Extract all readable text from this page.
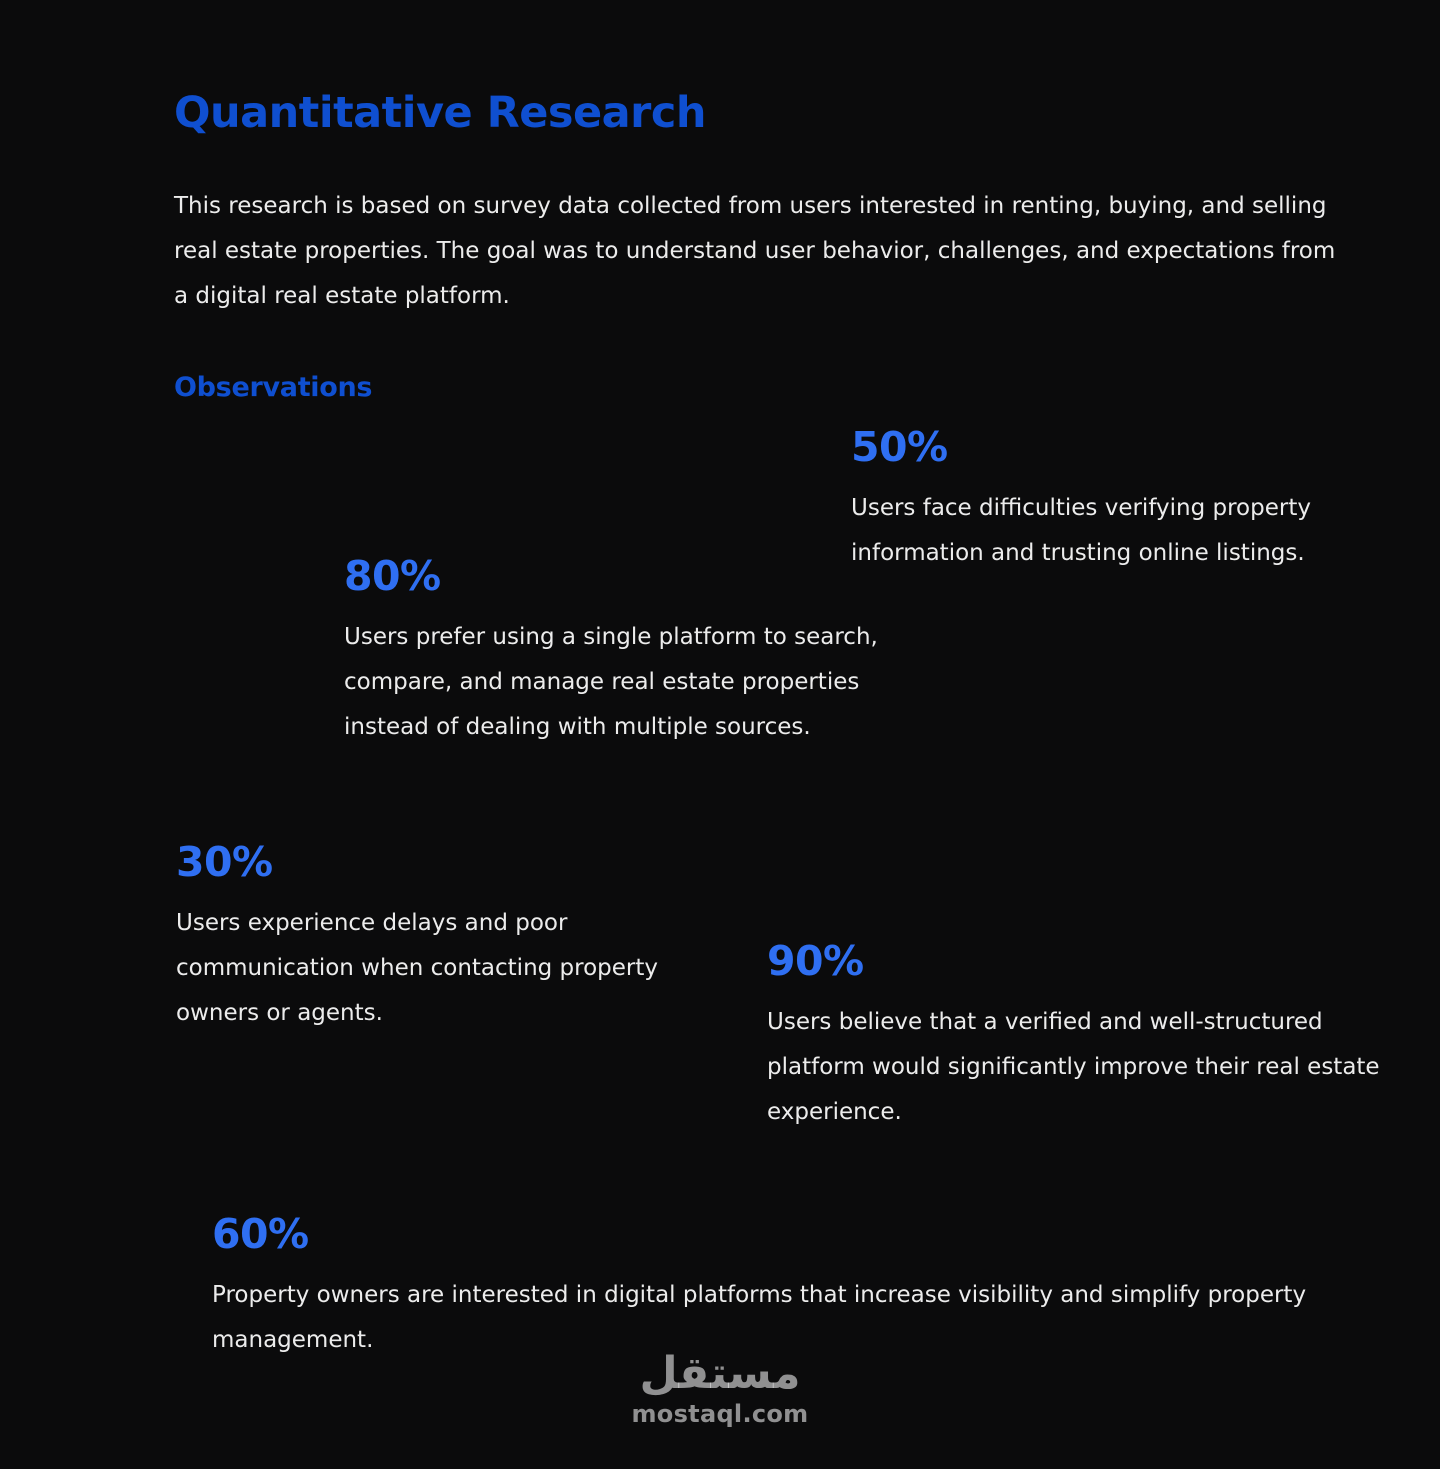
Quantitative Research

This research is based on survey data collected from users interested in renting, buying, and selling real estate properties. The goal was to understand user behavior, challenges, and expectations from a digital real estate platform.

Observations
50%
Users face difficulties verifying property information and trusting online listings.
80%
Users prefer using a single platform to search, compare, and manage real estate properties instead of dealing with multiple sources.
30%
Users experience delays and poor communication when contacting property owners or agents.
90%
Users believe that a verified and well-structured platform would significantly improve their real estate experience.
60%
Property owners are interested in digital platforms that increase visibility and simplify property management.
مستقل
mostaql.com
